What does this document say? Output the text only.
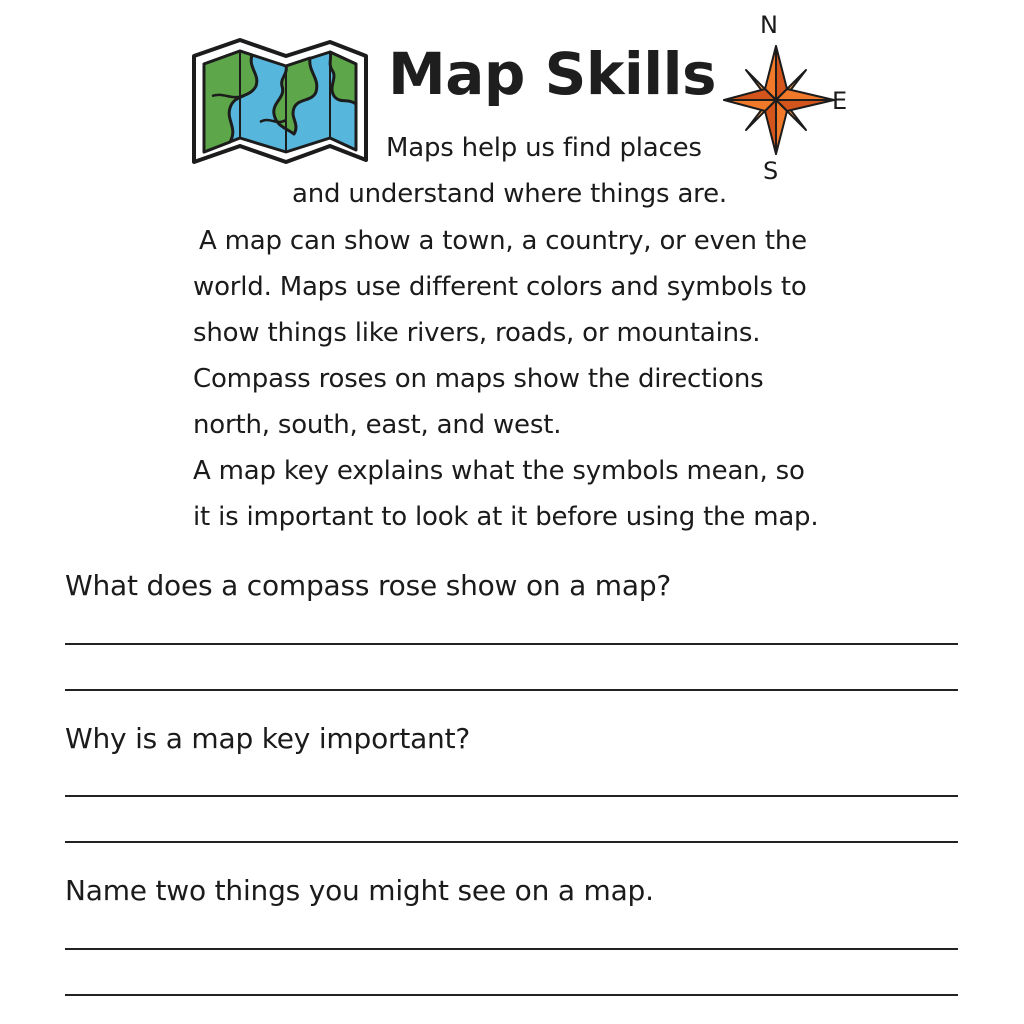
Map Skills
N
E
S
Maps help us find places
and understand where things are.
A map can show a town, a country, or even the
world. Maps use different colors and symbols to
show things like rivers, roads, or mountains.
Compass roses on maps show the directions
north, south, east, and west.
A map key explains what the symbols mean, so
it is important to look at it before using the map.
What does a compass rose show on a map?
Why is a map key important?
Name two things you might see on a map.
